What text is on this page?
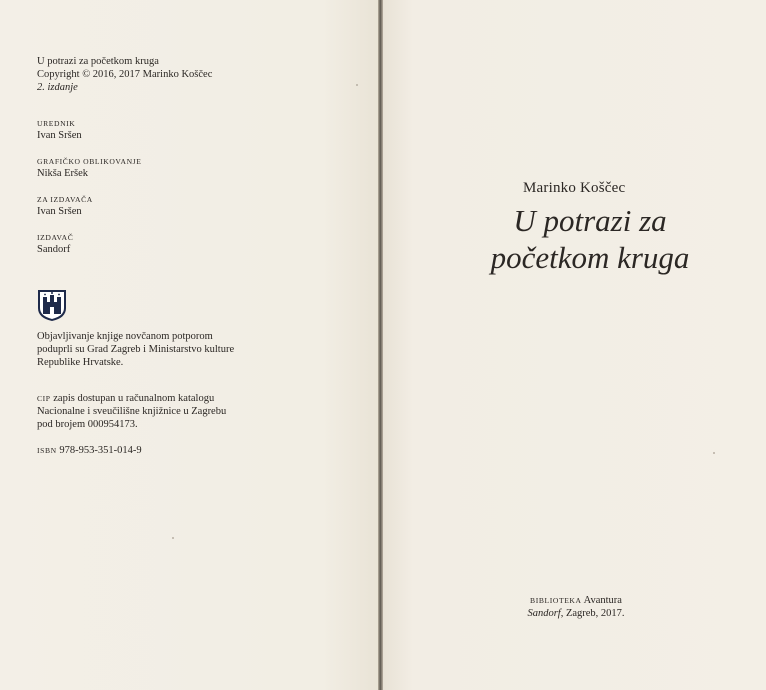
U potrazi za početkom kruga
Copyright © 2016, 2017 Marinko Koščec
2. izdanje
UREDNIK
Ivan Sršen
GRAFIČKO OBLIKOVANJE
Nikša Eršek
ZA IZDAVAČA
Ivan Sršen
IZDAVAČ
Sandorf
Objavljivanje knjige novčanom potporom
poduprli su Grad Zagreb i Ministarstvo kulture
Republike Hrvatske.
CIP zapis dostupan u računalnom katalogu
Nacionalne i sveučilišne knjižnice u Zagrebu
pod brojem 000954173.
ISBN 978-953-351-014-9
Marinko Koščec
U potrazi za
početkom kruga
BIBLIOTEKA Avantura
Sandorf, Zagreb, 2017.
